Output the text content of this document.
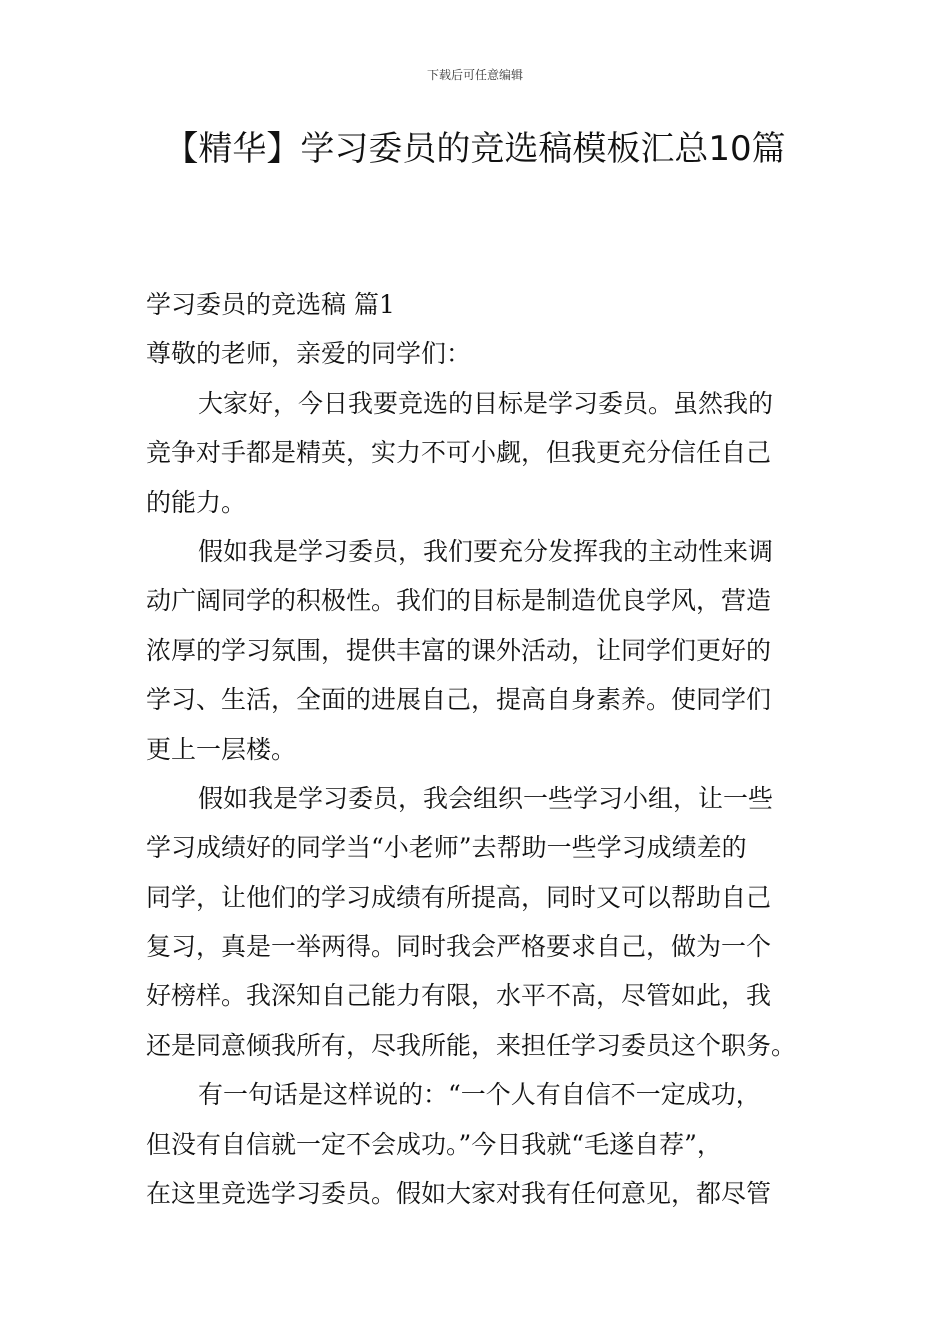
下载后可任意编辑
【精华】学习委员的竞选稿模板汇总10篇
学习委员的竞选稿 篇1
尊敬的老师，亲爱的同学们：
大家好，今日我要竞选的目标是学习委员。虽然我的
竞争对手都是精英，实力不可小觑，但我更充分信任自己
的能力。
假如我是学习委员，我们要充分发挥我的主动性来调
动广阔同学的积极性。我们的目标是制造优良学风，营造
浓厚的学习氛围，提供丰富的课外活动，让同学们更好的
学习、生活，全面的进展自己，提高自身素养。使同学们
更上一层楼。
假如我是学习委员，我会组织一些学习小组，让一些
学习成绩好的同学当“小老师”去帮助一些学习成绩差的
同学，让他们的学习成绩有所提高，同时又可以帮助自己
复习，真是一举两得。同时我会严格要求自己，做为一个
好榜样。我深知自己能力有限，水平不高，尽管如此，我
还是同意倾我所有，尽我所能，来担任学习委员这个职务。
有一句话是这样说的：“一个人有自信不一定成功，
但没有自信就一定不会成功。”今日我就“毛遂自荐”，
在这里竞选学习委员。假如大家对我有任何意见，都尽管
